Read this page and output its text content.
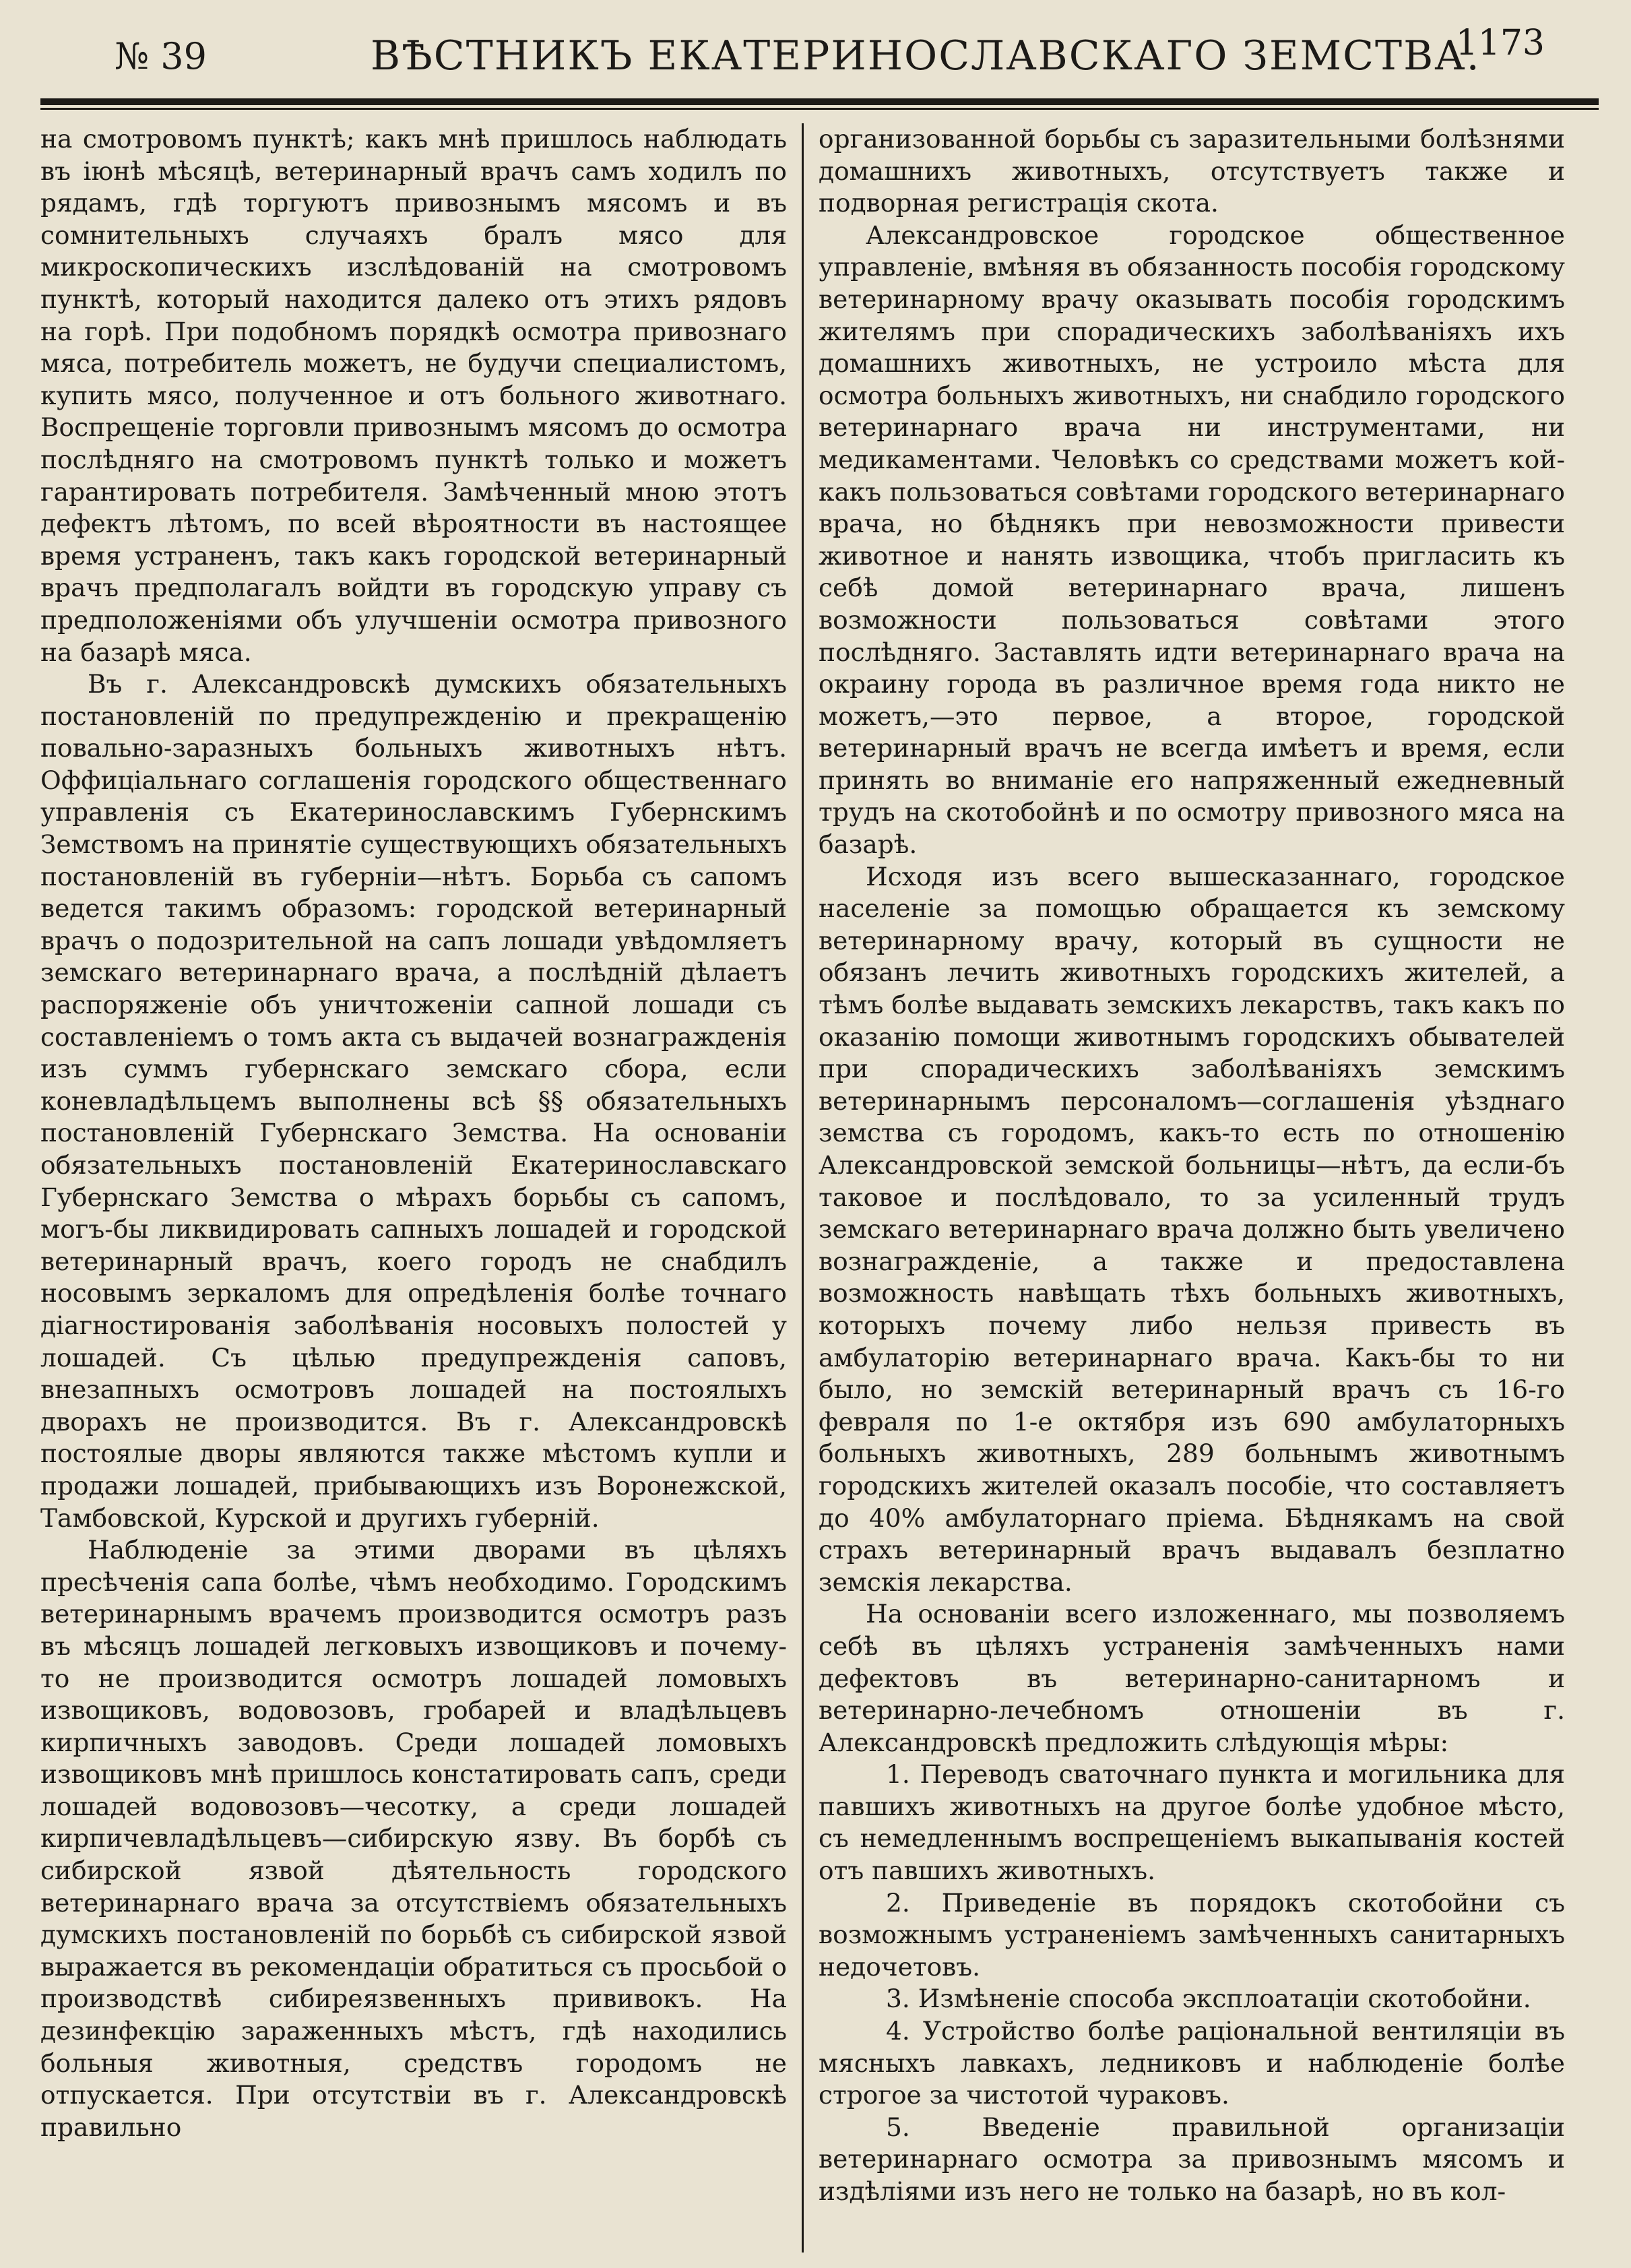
№ 39	ВѢСТНИКЪ ЕКАТЕРИНОСЛАВСКАГО ЗЕМСТВА.
1173

на смотровомъ пунктѣ; какъ мнѣ пришлось наблюдать въ іюнѣ мѣсяцѣ, ветеринарный врачъ самъ ходилъ по рядамъ, гдѣ торгуютъ привознымъ мясомъ и въ сомнительныхъ случаяхъ бралъ мясо для микроскопическихъ изслѣдованій на смотровомъ пунктѣ, который находится далеко отъ этихъ рядовъ на горѣ. При подобномъ порядкѣ осмотра привознаго мяса, потребитель можетъ, не будучи специалистомъ, купить мясо, полученное и отъ больного животнаго. Воспрещеніе торговли привознымъ мясомъ до осмотра послѣдняго на смотровомъ пунктѣ только и можетъ гарантировать потребителя. Замѣченный мною этотъ дефектъ лѣтомъ, по всей вѣроятности въ настоящее время устраненъ, такъ какъ городской ветеринарный врачъ предполагалъ войдти въ городскую управу съ предположеніями объ улучшеніи осмотра привозного на базарѣ мяса.

Въ г. Александровскѣ думскихъ обязательныхъ постановленій по предупрежденію и прекращенію повально-заразныхъ больныхъ животныхъ нѣтъ. Оффиціальнаго соглашенія городского общественнаго управленія съ Екатеринославскимъ Губернскимъ Земствомъ на принятіе существующихъ обязательныхъ постановленій въ губерніи—нѣтъ. Борьба съ сапомъ ведется такимъ образомъ: городской ветеринарный врачъ о подозрительной на сапъ лошади увѣдомляетъ земскаго ветеринарнаго врача, а послѣдній дѣлаетъ распоряженіе объ уничтоженіи сапной лошади съ составленіемъ о томъ акта съ выдачей вознагражденія изъ суммъ губернскаго земскаго сбора, если коневладѣльцемъ выполнены всѣ §§ обязательныхъ постановленій Губернскаго Земства. На основаніи обязательныхъ постановленій Екатеринославскаго Губернскаго Земства о мѣрахъ борьбы съ сапомъ, могъ-бы ликвидировать сапныхъ лошадей и городской ветеринарный врачъ, коего городъ не снабдилъ носовымъ зеркаломъ для опредѣленія болѣе точнаго діагностированія заболѣванія носовыхъ полостей у лошадей. Съ цѣлью предупрежденія саповъ, внезапныхъ осмотровъ лошадей на постоялыхъ дворахъ не производится. Въ г. Александровскѣ постоялые дворы являются также мѣстомъ купли и продажи лошадей, прибывающихъ изъ Воронежской, Тамбовской, Курской и другихъ губерній.

Наблюденіе за этими дворами въ цѣляхъ пресѣченія сапа болѣе, чѣмъ необходимо. Городскимъ ветеринарнымъ врачемъ производится осмотръ разъ въ мѣсяцъ лошадей легковыхъ извощиковъ и почему-то не производится осмотръ лошадей ломовыхъ извощиковъ, водовозовъ, гробарей и владѣльцевъ кирпичныхъ заводовъ. Среди лошадей ломовыхъ извощиковъ мнѣ пришлось констатировать сапъ, среди лошадей водовозовъ—чесотку, а среди лошадей кирпичевладѣльцевъ—сибирскую язву. Въ борбѣ съ сибирской язвой дѣятельность городского ветеринарнаго врача за отсутствіемъ обязательныхъ думскихъ постановленій по борьбѣ съ сибирской язвой выражается въ рекомендаціи обратиться съ просьбой о производствѣ сибиреязвенныхъ прививокъ. На дезинфекцію зараженныхъ мѣстъ, гдѣ находились больныя животныя, средствъ городомъ не отпускается. При отсутствіи въ г. Александровскѣ правильно

организованной борьбы съ заразительными болѣзнями домашнихъ животныхъ, отсутствуетъ также и подворная регистрація скота.

Александровское городское общественное управленіе, вмѣняя въ обязанность пособія городскому ветеринарному врачу оказывать пособія городскимъ жителямъ при спорадическихъ заболѣваніяхъ ихъ домашнихъ животныхъ, не устроило мѣста для осмотра больныхъ животныхъ, ни снабдило городского ветеринарнаго врача ни инструментами, ни медикаментами. Человѣкъ со средствами можетъ кой-какъ пользоваться совѣтами городского ветеринарнаго врача, но бѣднякъ при невозможности привести животное и нанять извощика, чтобъ пригласить къ себѣ домой ветеринарнаго врача, лишенъ возможности пользоваться совѣтами этого послѣдняго. Заставлять идти ветеринарнаго врача на окраину города въ различное время года никто не можетъ,—это первое, а второе, городской ветеринарный врачъ не всегда имѣетъ и время, если принять во вниманіе его напряженный ежедневный трудъ на скотобойнѣ и по осмотру привозного мяса на базарѣ.

Исходя изъ всего вышесказаннаго, городское населеніе за помощью обращается къ земскому ветеринарному врачу, который въ сущности не обязанъ лечить животныхъ городскихъ жителей, а тѣмъ болѣе выдавать земскихъ лекарствъ, такъ какъ по оказанію помощи животнымъ городскихъ обывателей при спорадическихъ заболѣваніяхъ земскимъ ветеринарнымъ персоналомъ—соглашенія уѣзднаго земства съ городомъ, какъ-то есть по отношенію Александровской земской больницы—нѣтъ, да если-бъ таковое и послѣдовало, то за усиленный трудъ земскаго ветеринарнаго врача должно быть увеличено вознагражденіе, а также и предоставлена возможность навѣщать тѣхъ больныхъ животныхъ, которыхъ почему либо нельзя привесть въ амбулаторію ветеринарнаго врача. Какъ-бы то ни было, но земскій ветеринарный врачъ съ 16-го февраля по 1-е октября изъ 690 амбулаторныхъ больныхъ животныхъ, 289 больнымъ животнымъ городскихъ жителей оказалъ пособіе, что составляетъ до 40% амбулаторнаго пріема. Бѣднякамъ на свой страхъ ветеринарный врачъ выдавалъ безплатно земскія лекарства.

На основаніи всего изложеннаго, мы позволяемъ себѣ въ цѣляхъ устраненія замѣченныхъ нами дефектовъ въ ветеринарно-санитарномъ и ветеринарно-лечебномъ отношеніи въ г. Александровскѣ предложить слѣдующія мѣры:

1. Переводъ сваточнаго пункта и могильника для павшихъ животныхъ на другое болѣе удобное мѣсто, съ немедленнымъ воспрещеніемъ выкапыванія костей отъ павшихъ животныхъ.

2. Приведеніе въ порядокъ скотобойни съ возможнымъ устраненіемъ замѣченныхъ санитарныхъ недочетовъ.

3. Измѣненіе способа эксплоатаціи скотобойни.

4. Устройство болѣе раціональной вентиляціи въ мясныхъ лавкахъ, ледниковъ и наблюденіе болѣе строгое за чистотой чураковъ.

5. Введеніе правильной организаціи ветеринарнаго осмотра за привознымъ мясомъ и издѣліями изъ него не только на базарѣ, но въ кол-
